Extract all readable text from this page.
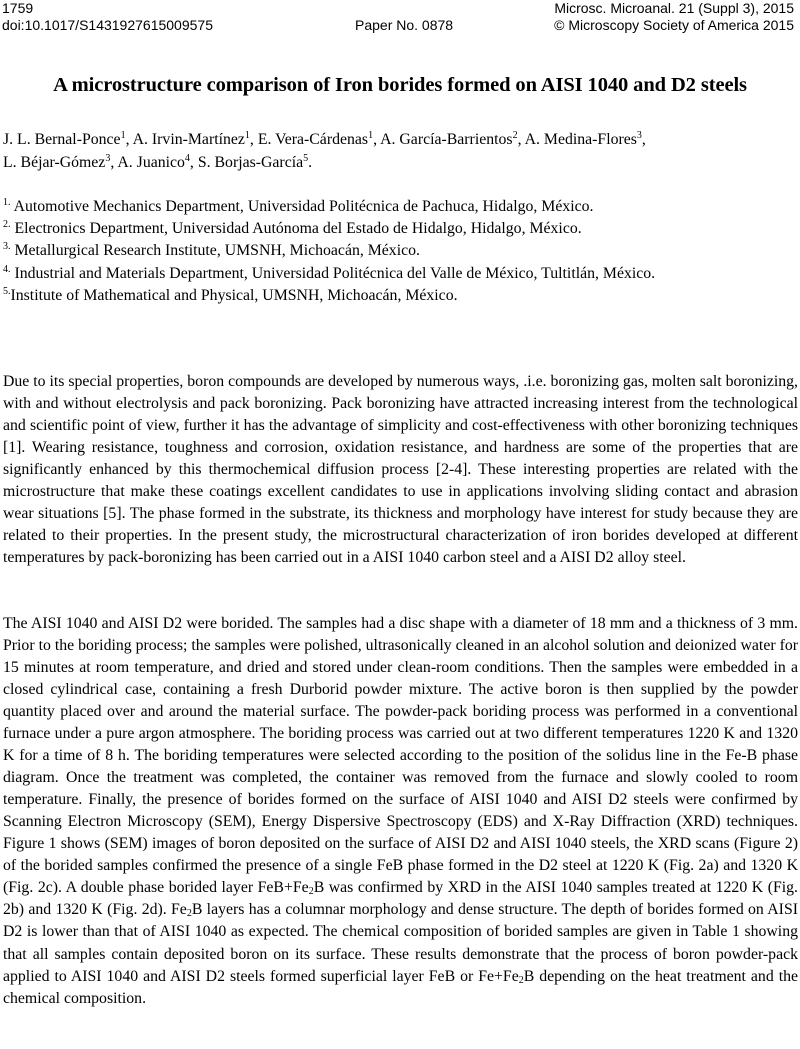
1759	Microsc. Microanal. 21 (Suppl 3), 2015
doi:10.1017/S1431927615009575	Paper No. 0878	© Microscopy Society of America 2015
A microstructure comparison of Iron borides formed on AISI 1040 and D2 steels
J. L. Bernal-Ponce$^1$, A. Irvin-Martínez$^1$, E. Vera-Cárdenas$^1$, A. García-Barrientos$^2$, A. Medina-Flores$^3$,
L. Béjar-Gómez$^3$, A. Juanico$^4$, S. Borjas-García$^5$.
$^{1.}$ Automotive Mechanics Department, Universidad Politécnica de Pachuca, Hidalgo, México.
$^{2.}$ Electronics Department, Universidad Autónoma del Estado de Hidalgo, Hidalgo, México.
$^{3.}$ Metallurgical Research Institute, UMSNH, Michoacán, México.
$^{4.}$ Industrial and Materials Department, Universidad Politécnica del Valle de México, Tultitlán, México.
$^{5.}$Institute of Mathematical and Physical, UMSNH, Michoacán, México.

Due to its special properties, boron compounds are developed by numerous ways, .i.e. boronizing gas, molten salt boronizing, with and without electrolysis and pack boronizing. Pack boronizing have attracted increasing interest from the technological and scientific point of view, further it has the advantage of simplicity and cost-effectiveness with other boronizing techniques [1]. Wearing resistance, toughness and corrosion, oxidation resistance, and hardness are some of the properties that are significantly enhanced by this thermochemical diffusion process [2-4]. These interesting properties are related with the microstructure that make these coatings excellent candidates to use in applications involving sliding contact and abrasion wear situations [5]. The phase formed in the substrate, its thickness and morphology have interest for study because they are related to their properties. In the present study, the microstructural characterization of iron borides developed at different temperatures by pack-boronizing has been carried out in a AISI 1040 carbon steel and a AISI D2 alloy steel.

The AISI 1040 and AISI D2 were borided. The samples had a disc shape with a diameter of 18 mm and a thickness of 3 mm. Prior to the boriding process; the samples were polished, ultrasonically cleaned in an alcohol solution and deionized water for 15 minutes at room temperature, and dried and stored under clean-room conditions. Then the samples were embedded in a closed cylindrical case, containing a fresh Durborid powder mixture. The active boron is then supplied by the powder quantity placed over and around the material surface. The powder-pack boriding process was performed in a conventional furnace under a pure argon atmosphere. The boriding process was carried out at two different temperatures 1220 K and 1320 K for a time of 8 h. The boriding temperatures were selected according to the position of the solidus line in the Fe-B phase diagram. Once the treatment was completed, the container was removed from the furnace and slowly cooled to room temperature. Finally, the presence of borides formed on the surface of AISI 1040 and AISI D2 steels were confirmed by Scanning Electron Microscopy (SEM), Energy Dispersive Spectroscopy (EDS) and X-Ray Diffraction (XRD) techniques. Figure 1 shows (SEM) images of boron deposited on the surface of AISI D2 and AISI 1040 steels, the XRD scans (Figure 2) of the borided samples confirmed the presence of a single FeB phase formed in the D2 steel at 1220 K (Fig. 2a) and 1320 K (Fig. 2c). A double phase borided layer $FeB+Fe_2B$ was confirmed by XRD in the AISI 1040 samples treated at 1220 K (Fig. 2b) and 1320 K (Fig. 2d). $Fe_2B$ layers has a columnar morphology and dense structure. The depth of borides formed on AISI D2 is lower than that of AISI 1040 as expected. The chemical composition of borided samples are given in Table 1 showing that all samples contain deposited boron on its surface. These results demonstrate that the process of boron powder-pack applied to AISI 1040 and AISI D2 steels formed superficial layer FeB or $Fe+Fe_2B$ depending on the heat treatment and the chemical composition.
